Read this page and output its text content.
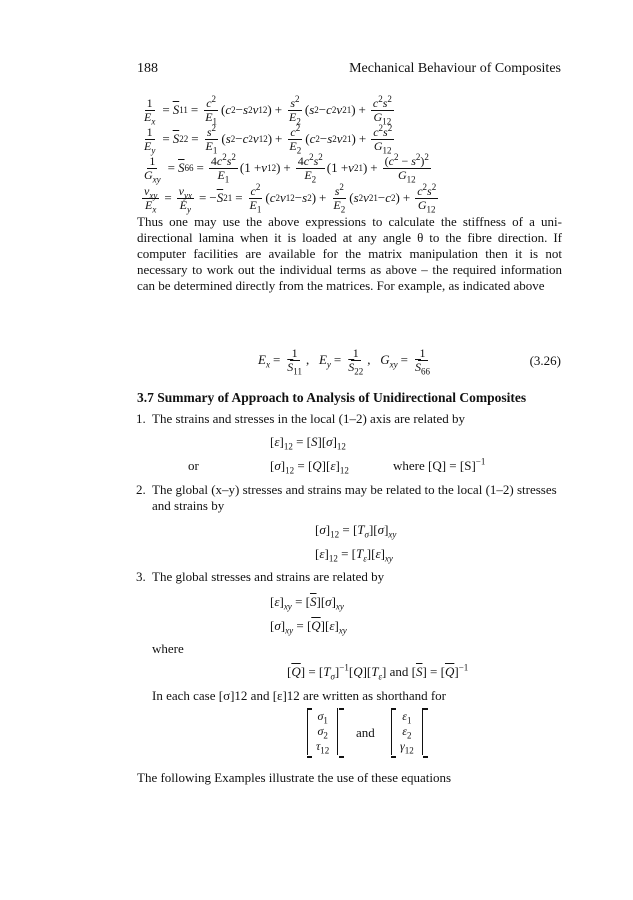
188	Mechanical Behaviour of Composites
$\frac{1}{E_x} = \overline{S}$ $11 = \frac{c^2}{E_1}$ ( c 2 − s 2 ν 12 ) + $\frac{s^2}{E_2}$ ( s 2 − c 2 ν 21 ) + $\frac{c^2s^2}{G_{12}}$
$\frac{1}{E_y} = \overline{S}$ $22 = \frac{s^2}{E_1}$ ( s 2 − c 2 ν 12 ) + $\frac{c^2}{E_2}$ ( c 2 − s 2 ν 21 ) + $\frac{c^2s^2}{G_{12}}$
$\frac{1}{G_{xy}} = \overline{S}$ $66 = \frac{4c^2s^2}{E_1} (1 + \nu$ 12 ) + $\frac{4c^2s^2}{E_2} (1 + \nu$ 21 ) + $\frac{(c^2 - s^2)^2}{G_{12}}$
$\frac{\nu_{xy}}{E_x} = \frac{\nu_{yx}}{E_y}$ = − $\overline{S}$ $21 = \frac{c^2}{E_1}$ ( c 2 ν 12 − s 2 ) + $\frac{s^2}{E_2}$ ( s 2 ν 21 − c 2 ) + $\frac{c^2s^2}{G_{12}}$
Thus one may use the above expressions to calculate the stiffness of a uni-directional lamina when it is loaded at any angle θ to the fibre direction. If computer facilities are available for the matrix manipulation then it is not necessary to work out the individual terms as above – the required information can be determined directly from the matrices. For example, as indicated above
$E_x = \frac{1}{\overline{S}_{11}}$ , $E_y = \frac{1}{\overline{S}_{22}}$ , $G_{xy} = \frac{1}{\overline{S}_{66}}$	(3.26)
3.7 Summary of Approach to Analysis of Unidirectional Composites
1. The strains and stresses in the local (1–2) axis are related by
$[\varepsilon]_{12} = [S][\sigma]_{12}$
or	$[\sigma]_{12} = [Q][\varepsilon]_{12}$	where $[Q] = [S]^{-1}$
2. The global (x–y) stresses and strains may be related to the local (1–2) stresses and strains by
$[\sigma]_{12} = [T_\sigma][\sigma]_{xy}$
$[\varepsilon]_{12} = [T_\varepsilon][\varepsilon]_{xy}$
3. The global stresses and strains are related by
$[\varepsilon]_{xy} = [\overline{S}][\sigma]_{xy}$
$[\sigma]_{xy} = [\overline{Q}][\varepsilon]_{xy}$
where
$[\overline{Q}] = [T_\sigma]^{-1}[Q][T_\varepsilon]$ and $[\overline{S}] = [\overline{Q}]^{-1}$
In each case [σ]12 and [ε]12 are written as shorthand for
$\sigma_1$
$\sigma_2$
$\tau_{12}$
and
$\varepsilon_1$
$\varepsilon_2$
$\gamma_{12}$
The following Examples illustrate the use of these equations
